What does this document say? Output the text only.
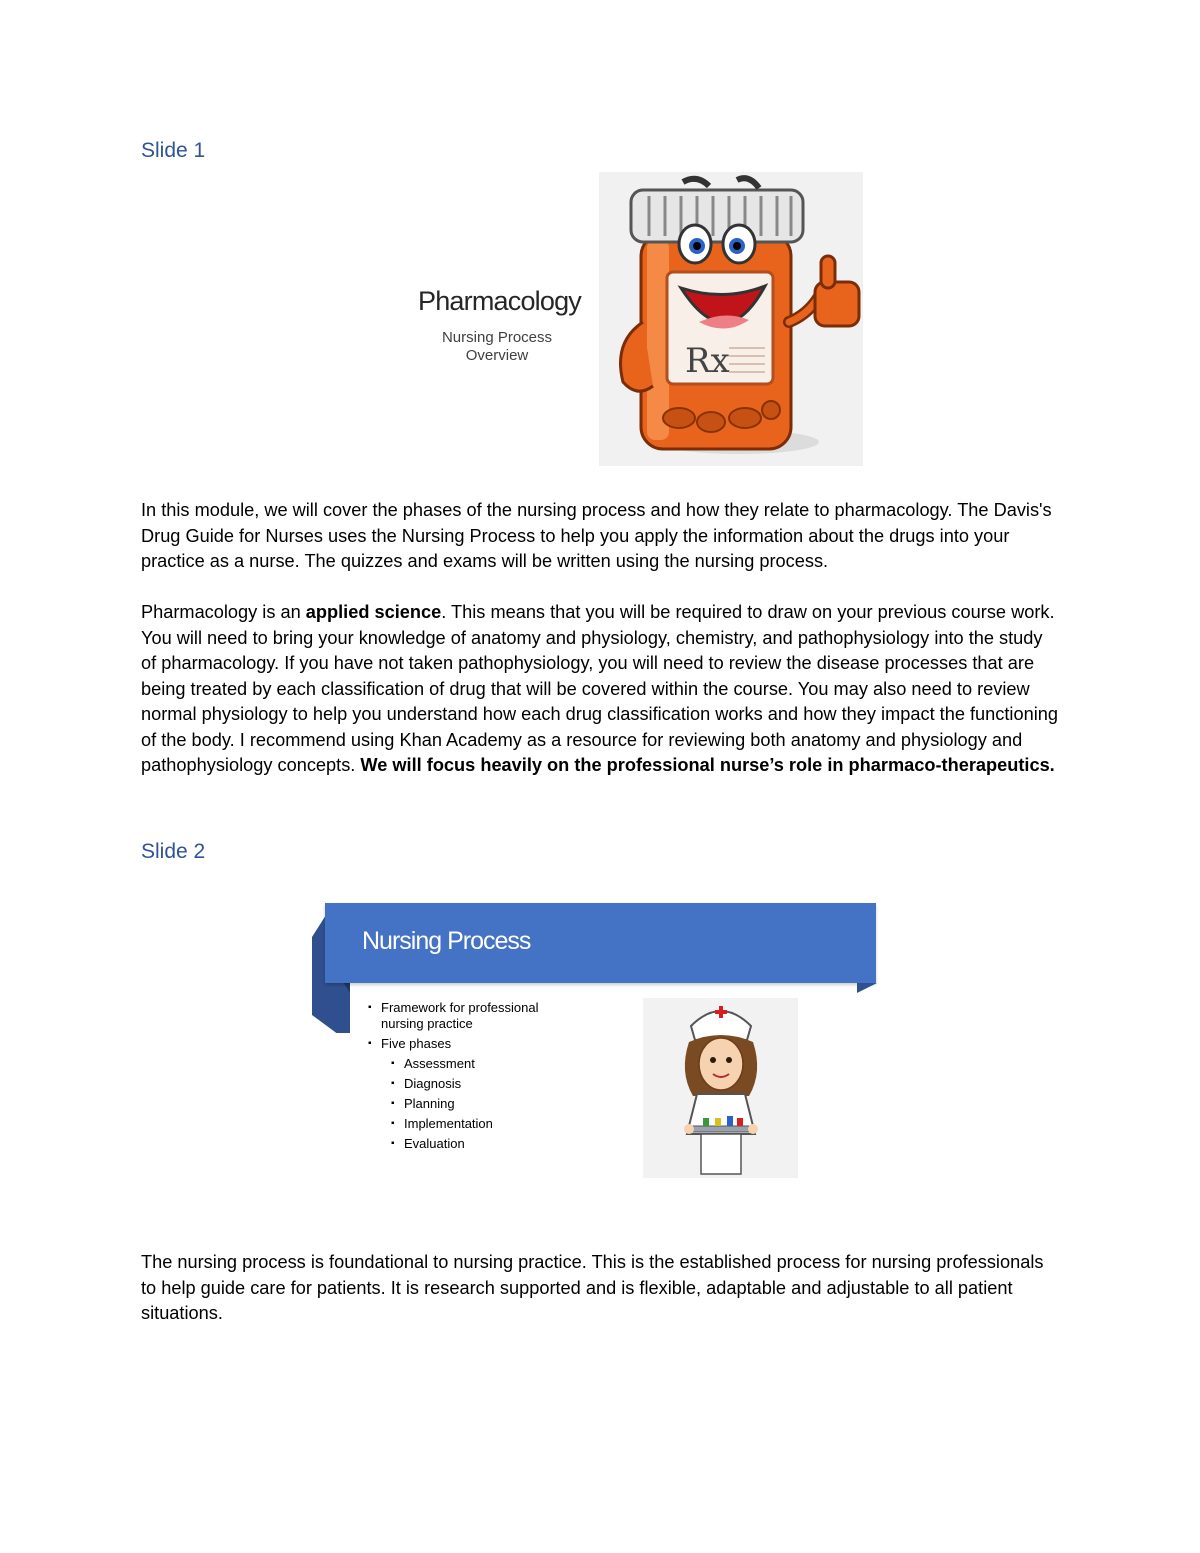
Slide 1
Pharmacology
Nursing Process Overview	Rx

In this module, we will cover the phases of the nursing process and how they relate to pharmacology. The Davis's Drug Guide for Nurses uses the Nursing Process to help you apply the information about the drugs into your practice as a nurse. The quizzes and exams will be written using the nursing process.

Pharmacology is an applied science. This means that you will be required to draw on your previous course work. You will need to bring your knowledge of anatomy and physiology, chemistry, and pathophysiology into the study of pharmacology. If you have not taken pathophysiology, you will need to review the disease processes that are being treated by each classification of drug that will be covered within the course. You may also need to review normal physiology to help you understand how each drug classification works and how they impact the functioning of the body. I recommend using Khan Academy as a resource for reviewing both anatomy and physiology and pathophysiology concepts. We will focus heavily on the professional nurse’s role in pharmaco-therapeutics.

Slide 2
Nursing Process
▪ Framework for professional nursing practice
▪ Five phases
▪ Assessment
▪ Diagnosis
▪ Planning
▪ Implementation
▪ Evaluation

The nursing process is foundational to nursing practice. This is the established process for nursing professionals to help guide care for patients. It is research supported and is flexible, adaptable and adjustable to all patient situations.
